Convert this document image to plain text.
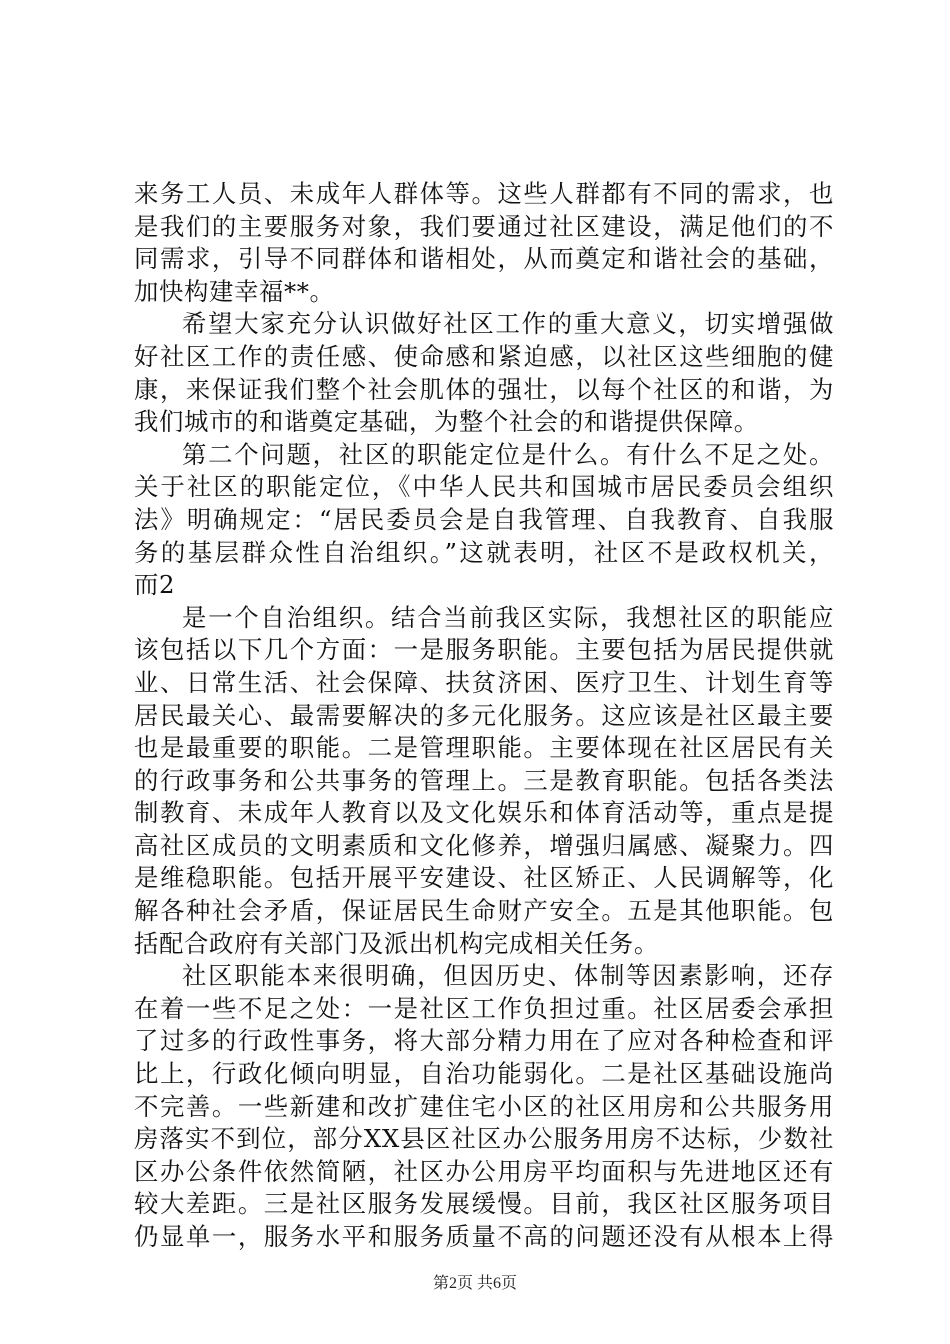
来务工人员、未成年人群体等。这些人群都有不同的需求，也
是我们的主要服务对象，我们要通过社区建设，满足他们的不
同需求，引导不同群体和谐相处，从而奠定和谐社会的基础，
加快构建幸福**。
希望大家充分认识做好社区工作的重大意义，切实增强做
好社区工作的责任感、使命感和紧迫感，以社区这些细胞的健
康，来保证我们整个社会肌体的强壮，以每个社区的和谐，为
我们城市的和谐奠定基础，为整个社会的和谐提供保障。
第二个问题，社区的职能定位是什么。有什么不足之处。
关于社区的职能定位，《中华人民共和国城市居民委员会组织
法》明确规定：“居民委员会是自我管理、自我教育、自我服
务的基层群众性自治组织。”这就表明，社区不是政权机关，
而2
是一个自治组织。结合当前我区实际，我想社区的职能应
该包括以下几个方面：一是服务职能。主要包括为居民提供就
业、日常生活、社会保障、扶贫济困、医疗卫生、计划生育等
居民最关心、最需要解决的多元化服务。这应该是社区最主要
也是最重要的职能。二是管理职能。主要体现在社区居民有关
的行政事务和公共事务的管理上。三是教育职能。包括各类法
制教育、未成年人教育以及文化娱乐和体育活动等，重点是提
高社区成员的文明素质和文化修养，增强归属感、凝聚力。四
是维稳职能。包括开展平安建设、社区矫正、人民调解等，化
解各种社会矛盾，保证居民生命财产安全。五是其他职能。包
括配合政府有关部门及派出机构完成相关任务。
社区职能本来很明确，但因历史、体制等因素影响，还存
在着一些不足之处：一是社区工作负担过重。社区居委会承担
了过多的行政性事务，将大部分精力用在了应对各种检查和评
比上，行政化倾向明显，自治功能弱化。二是社区基础设施尚
不完善。一些新建和改扩建住宅小区的社区用房和公共服务用
房落实不到位，部分XX县区社区办公服务用房不达标，少数社
区办公条件依然简陋，社区办公用房平均面积与先进地区还有
较大差距。三是社区服务发展缓慢。目前，我区社区服务项目
仍显单一，服务水平和服务质量不高的问题还没有从根本上得
第2页 共6页
